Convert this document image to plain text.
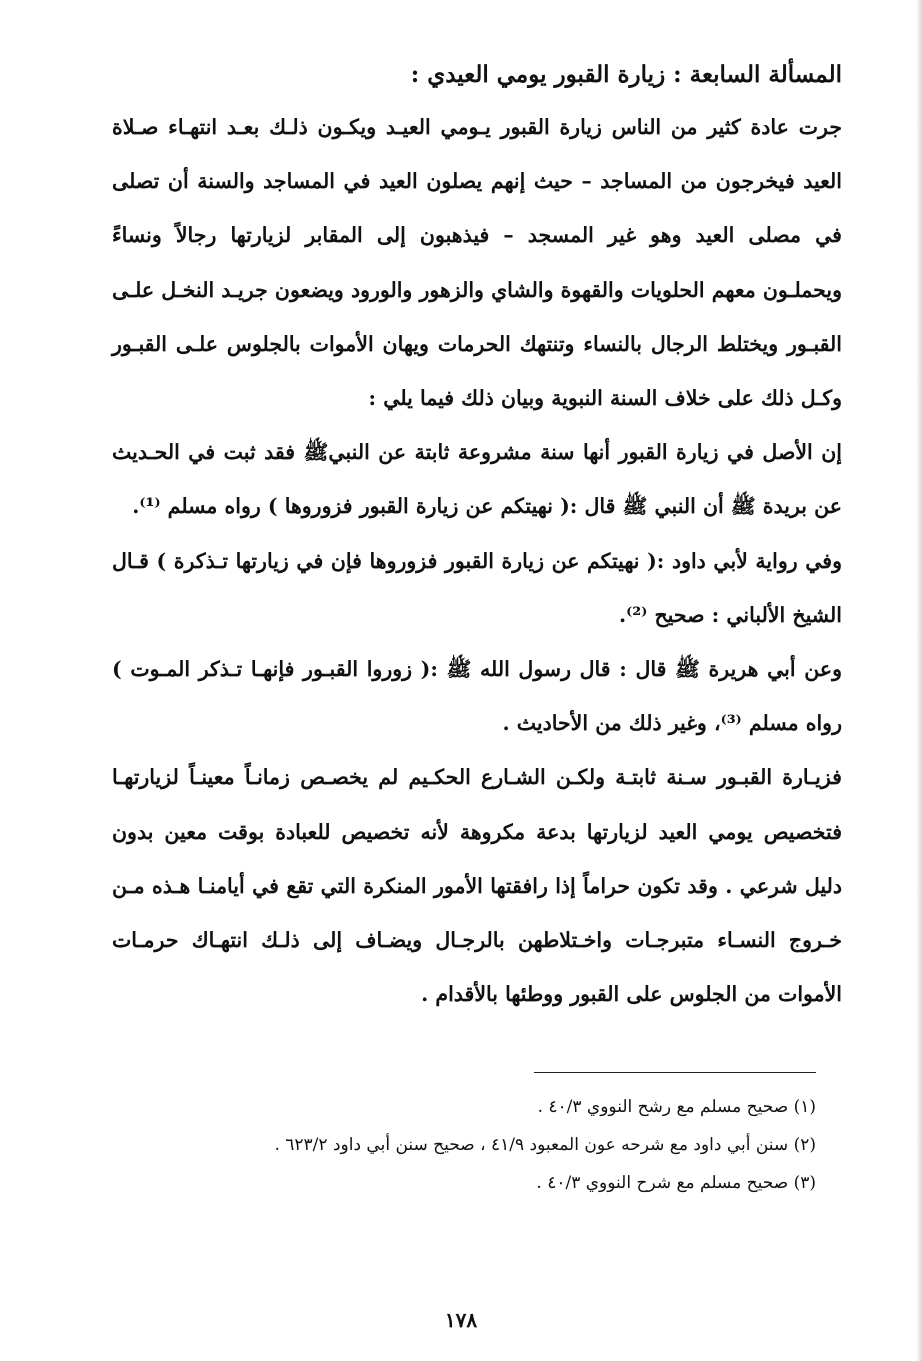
المسألة السابعة : زيارة القبور يومي العيدي :

جرت عادة كثير من الناس زيارة القبور يـومي العيـد ويكـون ذلـك بعـد انتهـاء صـلاة العيد فيخرجون من المساجد – حيث إنهم يصلون العيد في المساجد والسنة أن تصلى في مصلى العيد وهو غير المسجد – فيذهبون إلى المقابر لزيارتها رجالاً ونساءً ويحملـون معهم الحلويات والقهوة والشاي والزهور والورود ويضعون جريـد النخـل علـى القبـور ويختلط الرجال بالنساء وتنتهك الحرمات ويهان الأموات بالجلوس علـى القبـور وكـل ذلك على خلاف السنة النبوية وبيان ذلك فيما يلي :

إن الأصل في زيارة القبور أنها سنة مشروعة ثابتة عن النبيﷺ فقد ثبت في الحـديث عن بريدة ﷺ أن النبي ﷺ قال :( نهيتكم عن زيارة القبور فزوروها ) رواه مسلم ⁽¹⁾.

وفي رواية لأبي داود :( نهيتكم عن زيارة القبور فزوروها فإن في زيارتها تـذكرة ) قـال الشيخ الألباني : صحيح ⁽²⁾.

وعن أبي هريرة ﷺ قال : قال رسول الله ﷺ :( زوروا القبـور فإنهـا تـذكر المـوت ) رواه مسلم ⁽³⁾، وغير ذلك من الأحاديث .

فزيـارة القبـور سـنة ثابتـة ولكـن الشـارع الحكـيم لم يخصـص زمانـاً معينـاً لزيارتهـا فتخصيص يومي العيد لزيارتها بدعة مكروهة لأنه تخصيص للعبادة بوقت معين بدون دليل شرعي . وقد تكون حراماً إذا رافقتها الأمور المنكرة التي تقع في أيامنـا هـذه مـن خـروج النسـاء متبرجـات واخـتلاطهن بالرجـال ويضـاف إلى ذلـك انتهـاك حرمـات الأموات من الجلوس على القبور ووطئها بالأقدام .

(١) صحيح مسلم مع رشح النووي ٤٠/٣ .

(٢) سنن أبي داود مع شرحه عون المعبود ٤١/٩ ، صحيح سنن أبي داود ٦٢٣/٢ .

(٣) صحيح مسلم مع شرح النووي ٤٠/٣ .

١٧٨
